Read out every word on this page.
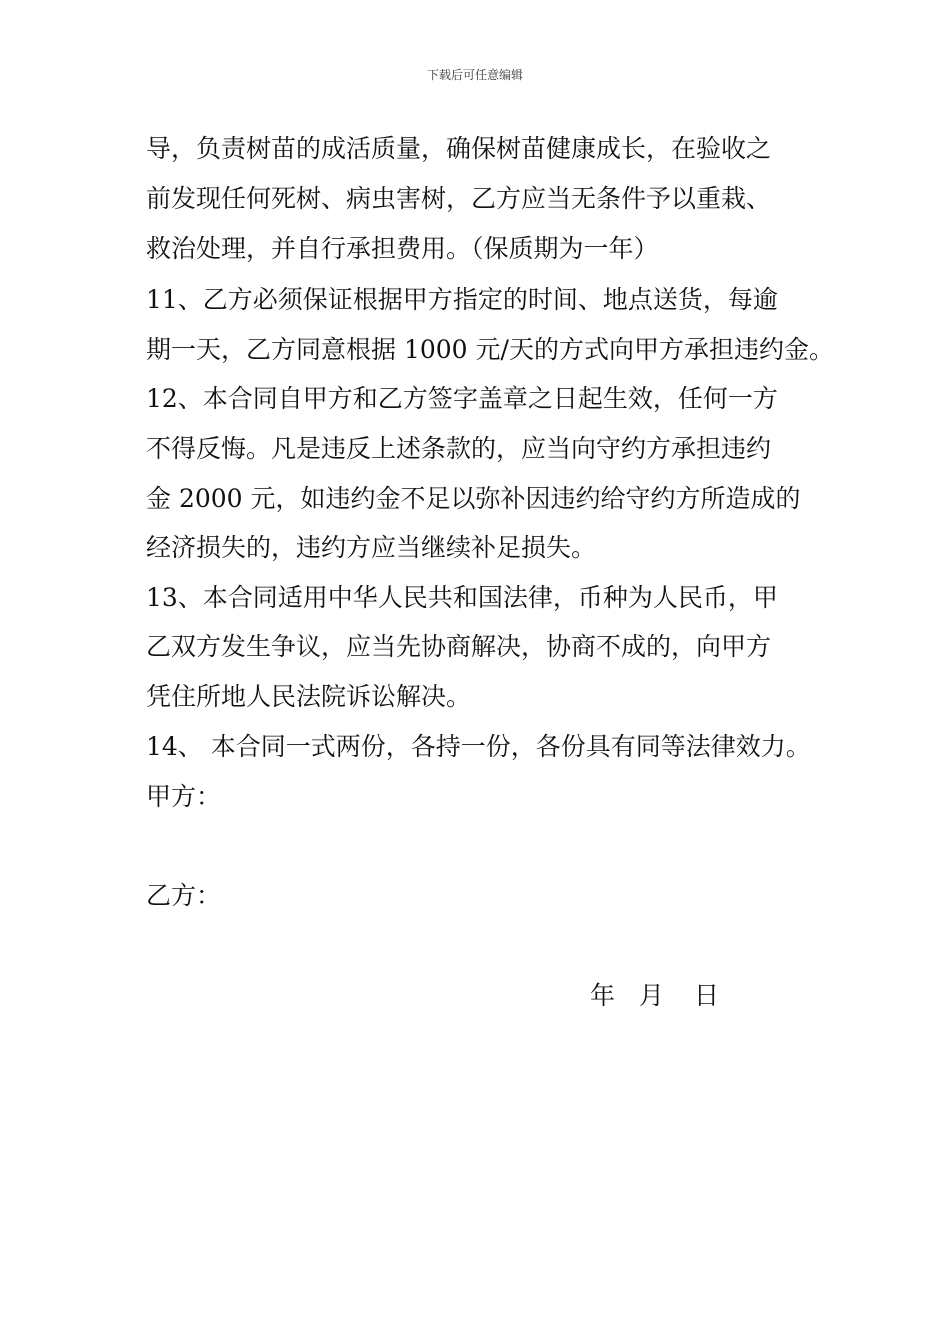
下载后可任意编辑
导，负责树苗的成活质量，确保树苗健康成长，在验收之
前发现任何死树、病虫害树，乙方应当无条件予以重栽、
救治处理，并自行承担费用。（保质期为一年）
11、乙方必须保证根据甲方指定的时间、地点送货，每逾
期一天，乙方同意根据 1000 元/天的方式向甲方承担违约金。
12、本合同自甲方和乙方签字盖章之日起生效，任何一方
不得反悔。凡是违反上述条款的，应当向守约方承担违约
金 2000 元，如违约金不足以弥补因违约给守约方所造成的
经济损失的，违约方应当继续补足损失。
13、本合同适用中华人民共和国法律，币种为人民币，甲
乙双方发生争议，应当先协商解决，协商不成的，向甲方
凭住所地人民法院诉讼解决。
14、 本合同一式两份，各持一份，各份具有同等法律效力。
甲方：
乙方：
年 月 日
